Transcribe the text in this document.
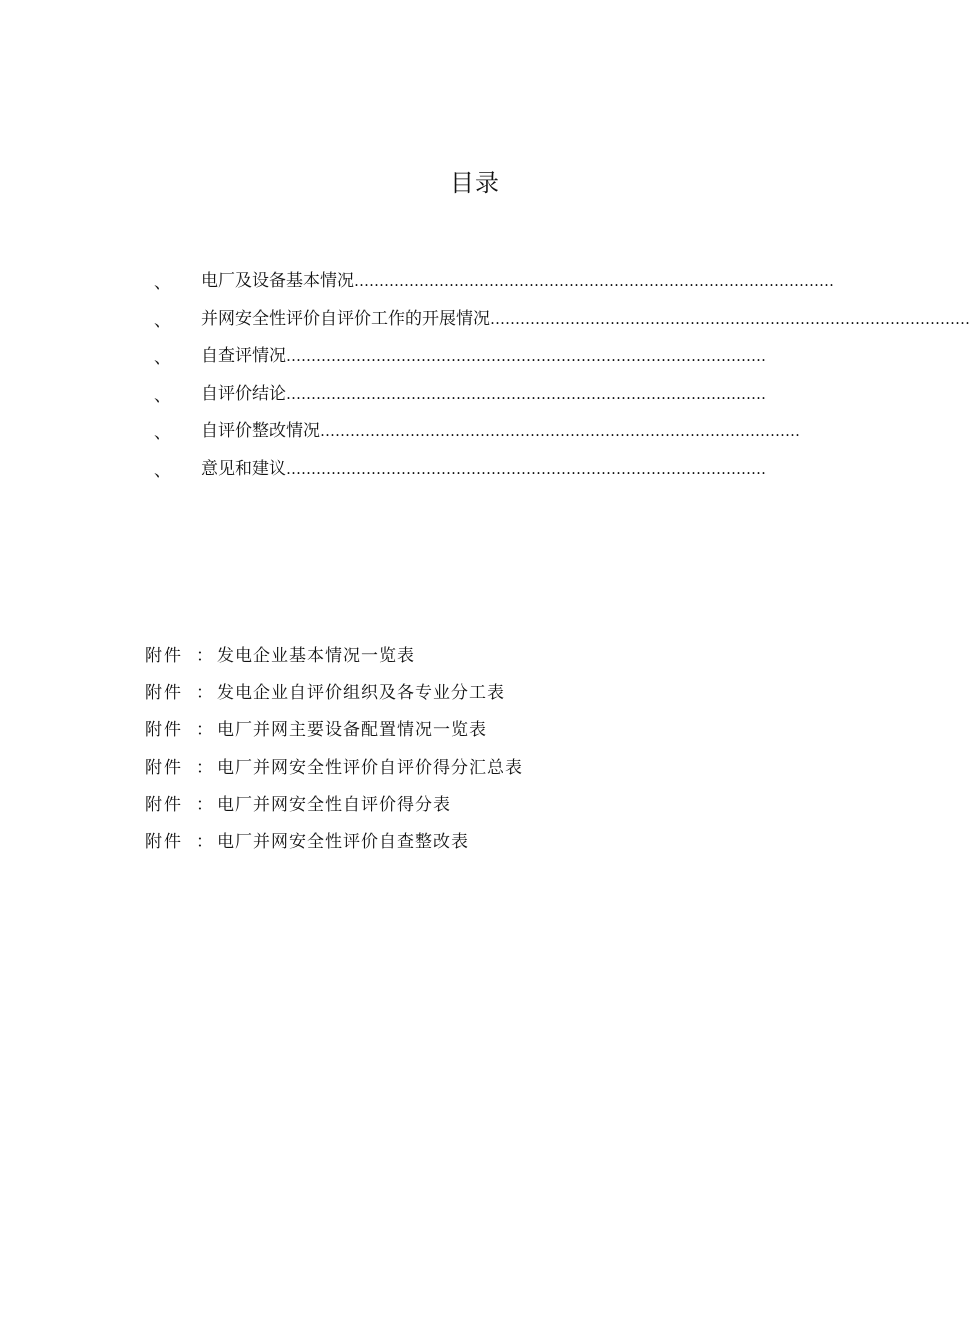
目录
、 电厂及设备基本情况 ……………………………………………………………………………………
、 并网安全性评价自评价工作的开展情况 ……………………………………………………………………………………
、 自查评情况 ……………………………………………………………………………………
、 自评价结论 ……………………………………………………………………………………
、 自评价整改情况 ……………………………………………………………………………………
、 意见和建议 ……………………………………………………………………………………
附件 ： 发电企业基本情况一览表
附件 ： 发电企业自评价组织及各专业分工表
附件 ： 电厂并网主要设备配置情况一览表
附件 ： 电厂并网安全性评价自评价得分汇总表
附件 ： 电厂并网安全性自评价得分表
附件 ： 电厂并网安全性评价自查整改表
